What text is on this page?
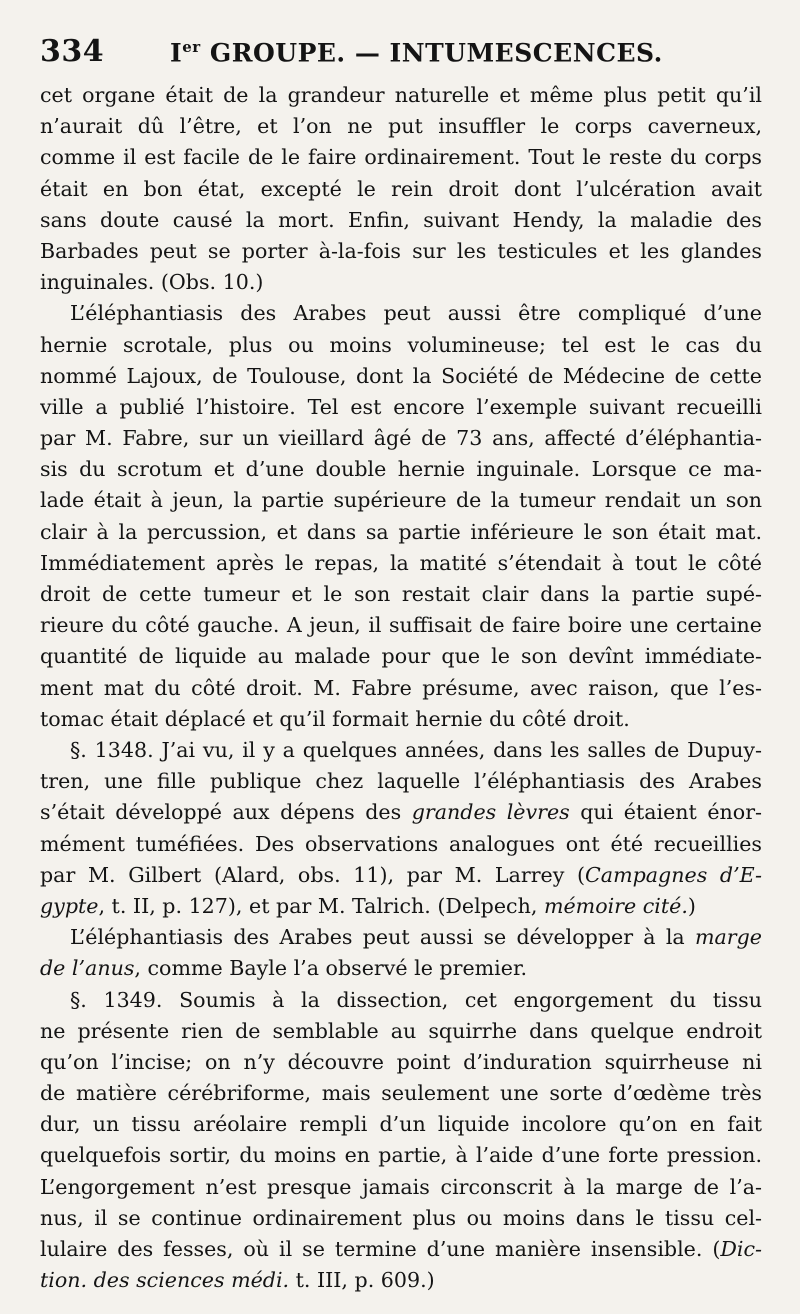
334	Ier GROUPE. — INTUMESCENCES.

cet organe était de la grandeur naturelle et même plus petit qu’il
n’aurait dû l’être, et l’on ne put insuffler le corps caverneux,
comme il est facile de le faire ordinairement. Tout le reste du corps
était en bon état, excepté le rein droit dont l’ulcération avait
sans doute causé la mort. Enfin, suivant Hendy, la maladie des
Barbades peut se porter à-la-fois sur les testicules et les glandes
inguinales. (Obs. 10.)

L’éléphantiasis des Arabes peut aussi être compliqué d’une
hernie scrotale, plus ou moins volumineuse; tel est le cas du
nommé Lajoux, de Toulouse, dont la Société de Médecine de cette
ville a publié l’histoire. Tel est encore l’exemple suivant recueilli
par M. Fabre, sur un vieillard âgé de 73 ans, affecté d’éléphantia-
sis du scrotum et d’une double hernie inguinale. Lorsque ce ma-
lade était à jeun, la partie supérieure de la tumeur rendait un son
clair à la percussion, et dans sa partie inférieure le son était mat.
Immédiatement après le repas, la matité s’étendait à tout le côté
droit de cette tumeur et le son restait clair dans la partie supé-
rieure du côté gauche. A jeun, il suffisait de faire boire une certaine
quantité de liquide au malade pour que le son devînt immédiate-
ment mat du côté droit. M. Fabre présume, avec raison, que l’es-
tomac était déplacé et qu’il formait hernie du côté droit.

§. 1348. J’ai vu, il y a quelques années, dans les salles de Dupuy-
tren, une fille publique chez laquelle l’éléphantiasis des Arabes
s’était développé aux dépens des grandes lèvres qui étaient énor-
mément tuméfiées. Des observations analogues ont été recueillies
par M. Gilbert (Alard, obs. 11), par M. Larrey (Campagnes d’E-
gypte, t. II, p. 127), et par M. Talrich. (Delpech, mémoire cité.)

L’éléphantiasis des Arabes peut aussi se développer à la marge
de l’anus, comme Bayle l’a observé le premier.

§. 1349. Soumis à la dissection, cet engorgement du tissu
ne présente rien de semblable au squirrhe dans quelque endroit
qu’on l’incise; on n’y découvre point d’induration squirrheuse ni
de matière cérébriforme, mais seulement une sorte d’œdème très
dur, un tissu aréolaire rempli d’un liquide incolore qu’on en fait
quelquefois sortir, du moins en partie, à l’aide d’une forte pression.
L’engorgement n’est presque jamais circonscrit à la marge de l’a-
nus, il se continue ordinairement plus ou moins dans le tissu cel-
lulaire des fesses, où il se termine d’une manière insensible. (Dic-
tion. des sciences médi. t. III, p. 609.)
